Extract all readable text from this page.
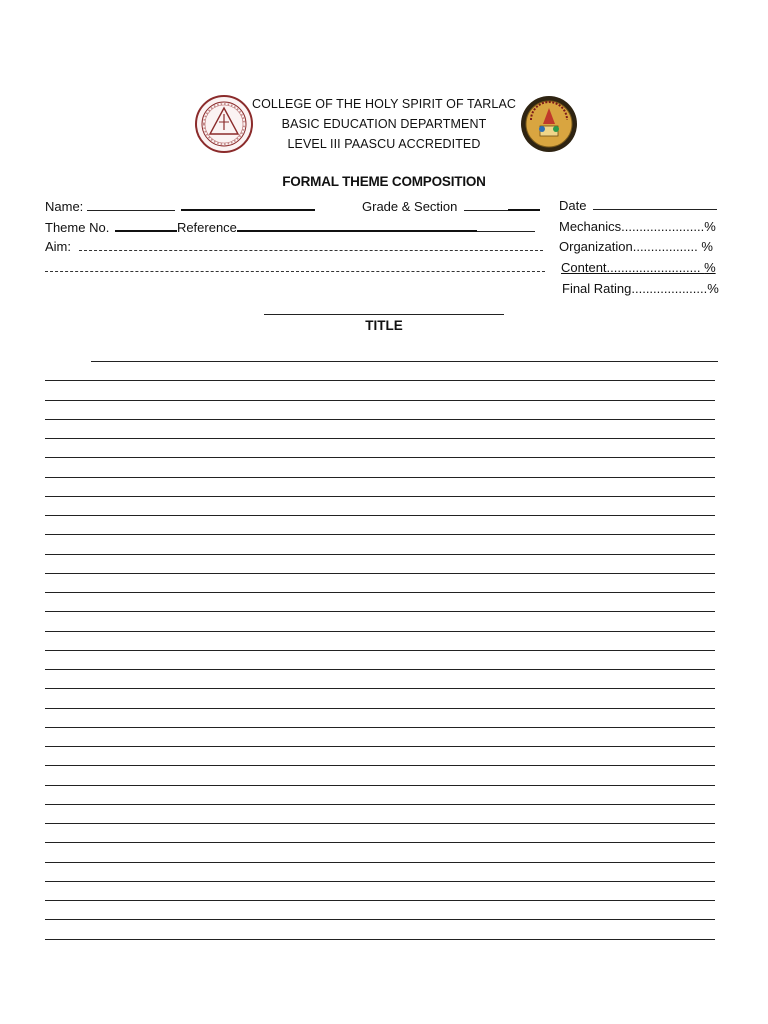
COLLEGE OF THE HOLY SPIRIT OF TARLAC
BASIC EDUCATION DEPARTMENT
LEVEL III PAASCU ACCREDITED
FORMAL THEME COMPOSITION
Name:	Grade & Section	Date
Theme No.	Reference	Mechanics.......................%
Aim:	Organization.................. %
Content.......................... %
Final Rating.....................%
TITLE
